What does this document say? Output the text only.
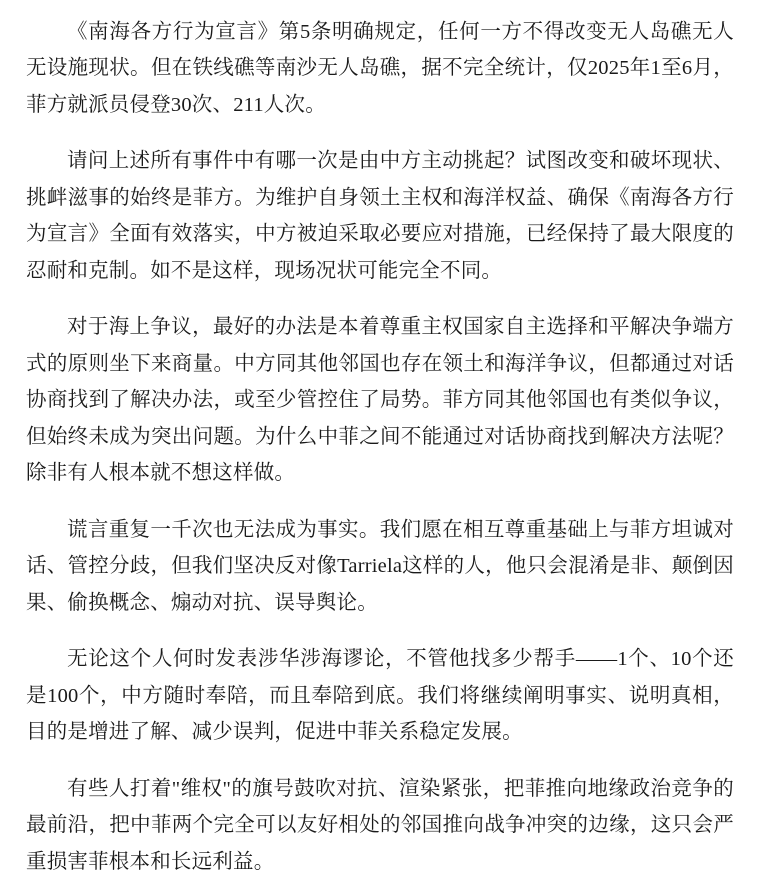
《南海各方行为宣言》第5条明确规定，任何一方不得改变无人岛礁无人无设施现状。但在铁线礁等南沙无人岛礁，据不完全统计，仅2025年1至6月，菲方就派员侵登30次、211人次。

请问上述所有事件中有哪一次是由中方主动挑起？试图改变和破坏现状、挑衅滋事的始终是菲方。为维护自身领土主权和海洋权益、确保《南海各方行为宣言》全面有效落实，中方被迫采取必要应对措施，已经保持了最大限度的忍耐和克制。如不是这样，现场况状可能完全不同。

对于海上争议，最好的办法是本着尊重主权国家自主选择和平解决争端方式的原则坐下来商量。中方同其他邻国也存在领土和海洋争议，但都通过对话协商找到了解决办法，或至少管控住了局势。菲方同其他邻国也有类似争议，但始终未成为突出问题。为什么中菲之间不能通过对话协商找到解决方法呢？除非有人根本就不想这样做。

谎言重复一千次也无法成为事实。我们愿在相互尊重基础上与菲方坦诚对话、管控分歧，但我们坚决反对像Tarriela这样的人，他只会混淆是非、颠倒因果、偷换概念、煽动对抗、误导舆论。

无论这个人何时发表涉华涉海谬论，不管他找多少帮手——1个、10个还是100个，中方随时奉陪，而且奉陪到底。我们将继续阐明事实、说明真相，目的是增进了解、减少误判，促进中菲关系稳定发展。

有些人打着"维权"的旗号鼓吹对抗、渲染紧张，把菲推向地缘政治竞争的最前沿，把中菲两个完全可以友好相处的邻国推向战争冲突的边缘，这只会严重损害菲根本和长远利益。
